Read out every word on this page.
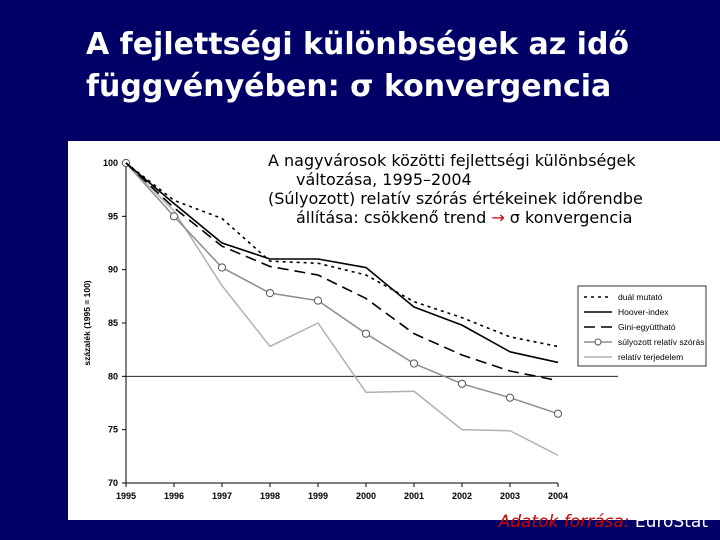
A fejlettségi különbségek az idő
függvényében: σ konvergencia
70
75
80
85
90
95
100
1995	1996	1997	1998	1999	2000	2001	2002	2003	2004
százalék (1995 = 100)	duál mutató
Hoover-index
Gini-együttható
súlyozott relatív szórás
relatív terjedelem

A nagyvárosok közötti fejlettségi különbségek

változása, 1995–2004

(Súlyozott) relatív szórás értékeinek időrendbe

állítása: csökkenő trend → σ konvergencia

Adatok forrása: EuroStat
